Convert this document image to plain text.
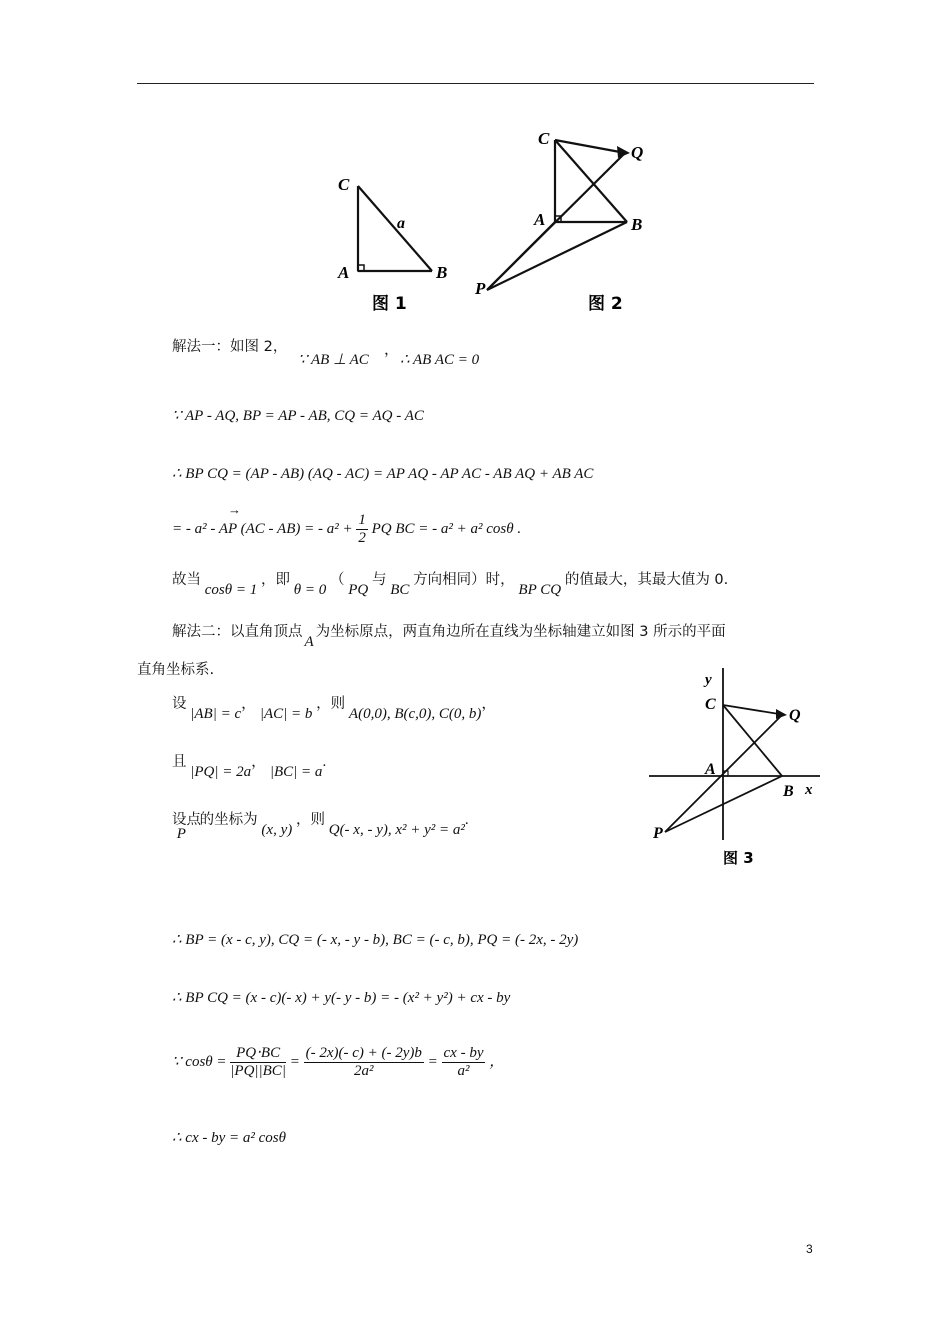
C
A	B
a
图 1
C
Q
A	B
P
图 2
y
C
Q
A
B x
P
图 3
解法一：如图 2，
∵ AB ⊥ AC
，
∴ AB AC = 0
∵ AP - AQ, BP = AP - AB, CQ = AQ - AC
∴ BP CQ = (AP - AB) (AQ - AC) = AP AQ - AP AC - AB AQ + AB AC
= - a² - AP (AC - AB) = - $a^2 + \frac{1}{2}$ PQ BC = - a² + a² cosθ .
→
故当 cosθ = 1 ，即 θ = 0 （ PQ 与 BC 方向相同）时， BP CQ 的值最大，其最大值为 0.
解法二：以直角顶点A为坐标原点，两直角边所在直线为坐标轴建立如图 3 所示的平面
直角坐标系.
设 |AB| = c， |AC| = b ，则 A(0,0), B(c,0), C(0, b)，
且 |PQ| = 2a， |BC| = a.
设点 P 的坐标为 (x, y) ，则 Q(- x, - y), x² + y² = a².
∴ BP = (x - c, y), CQ = (- x, - y - b), BC = (- c, b), PQ = (- 2x, - 2y)
∴ BP CQ = (x - c)(- x) + y(- y - b) = - (x² + y²) + cx - by
∵ $\cos\theta = \frac{PQ\cdot BC}{|PQ||BC|} = \frac{(- 2x)(- c) + (- 2y)b}{\text{2a²}} = \frac{cx - by}{\text{a²}}$ ，
∴ cx - by = a² cosθ
3
